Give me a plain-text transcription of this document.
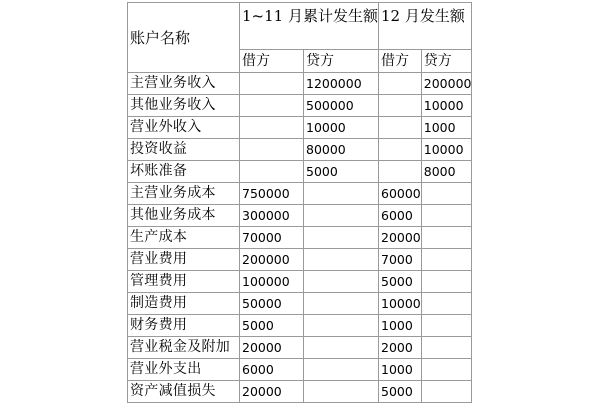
账户名称	1~11 月累计发生额		12 月发生额	
	借方	贷方	借方	贷方
主营业务收入		1200000		200000
其他业务收入		500000		10000
营业外收入		10000		1000
投资收益		80000		10000
坏账准备		5000		8000
主营业务成本	750000		60000	
其他业务成本	300000		6000	
生产成本	70000		20000	
营业费用	200000		7000	
管理费用	100000		5000	
制造费用	50000		10000	
财务费用	5000		1000	
营业税金及附加	20000		2000	
营业外支出	6000		1000	
资产减值损失	20000		5000	
